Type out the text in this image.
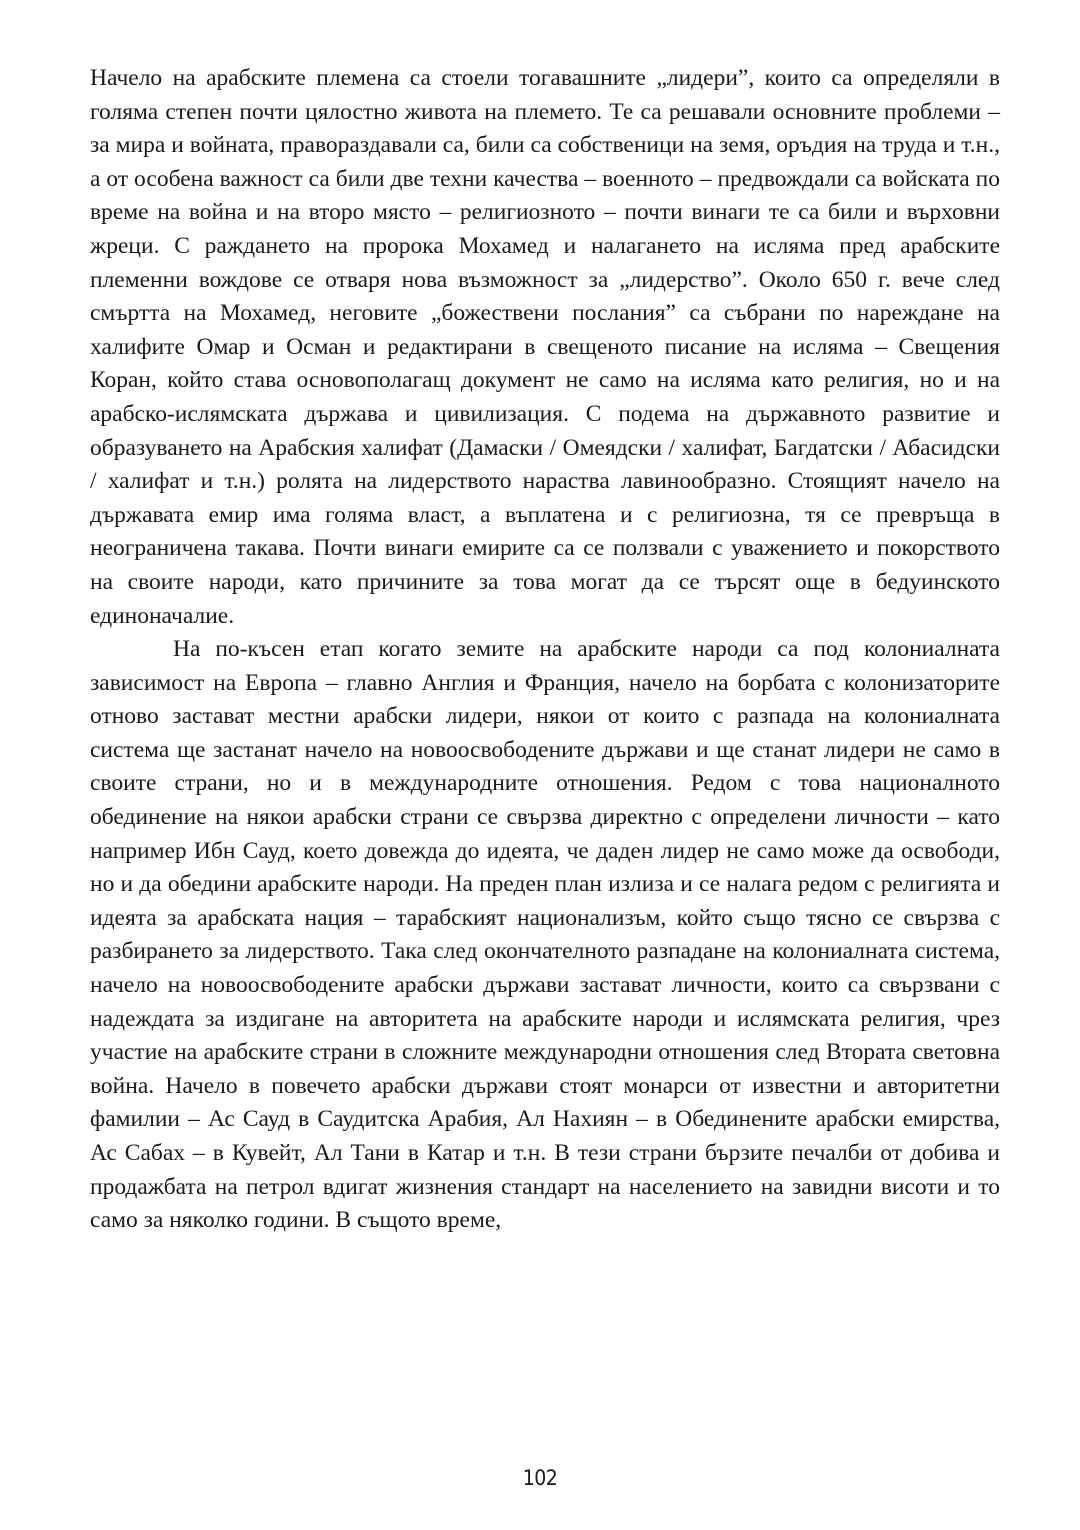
Начело на арабските племена са стоели тогавашните „лидери”, които са определяли в голяма степен почти цялостно живота на племето. Те са решавали основните проблеми – за мира и войната, правораздавали са, били са собственици на земя, оръдия на труда и т.н., а от особена важност са били две техни качества – военното – предвождали са войската по време на война и на второ място – религиозното – почти винаги те са били и върховни жреци. С раждането на пророка Мохамед и налагането на исляма пред арабските племенни вождове се отваря нова възможност за „лидерство”. Около 650 г. вече след смъртта на Мохамед, неговите „божествени послания” са събрани по нареждане на халифите Омар и Осман и редактирани в свещеното писание на исляма – Свещения Коран, който става основополагащ документ не само на исляма като религия, но и на арабско-ислямската държава и цивилизация. С подема на държавното развитие и образуването на Арабския халифат (Дамаски / Омеядски / халифат, Багдатски / Абасидски / халифат и т.н.) ролята на лидерството нараства лавинообразно. Стоящият начело на държавата емир има голяма власт, а въплатена и с религиозна, тя се превръща в неограничена такава. Почти винаги емирите са се ползвали с уважението и покорството на своите народи, като причините за това могат да се търсят още в бедуинското единоначалие.

На по-късен етап когато земите на арабските народи са под колониалната зависимост на Европа – главно Англия и Франция, начело на борбата с колонизаторите отново застават местни арабски лидери, някои от които с разпада на колониалната система ще застанат начело на новоосвободените държави и ще станат лидери не само в своите страни, но и в международните отношения. Редом с това националното обединение на някои арабски страни се свързва директно с определени личности – като например Ибн Сауд, което довежда до идеята, че даден лидер не само може да освободи, но и да обедини арабските народи. На преден план излиза и се налага редом с религията и идеята за арабската нация – тарабският национализъм, който също тясно се свързва с разбирането за лидерството. Така след окончателното разпадане на колониалната система, начело на новоосвободените арабски държави застават личности, които са свързвани с надеждата за издигане на авторитета на арабските народи и ислямската религия, чрез участие на арабските страни в сложните международни отношения след Втората световна война. Начело в повечето арабски държави стоят монарси от известни и авторитетни фамилии – Ас Сауд в Саудитска Арабия, Ал Нахиян – в Обединените арабски емирства, Ас Сабах – в Кувейт, Ал Тани в Катар и т.н. В тези страни бързите печалби от добива и продажбата на петрол вдигат жизнения стандарт на населението на завидни висоти и то само за няколко години. В същото време,

102
